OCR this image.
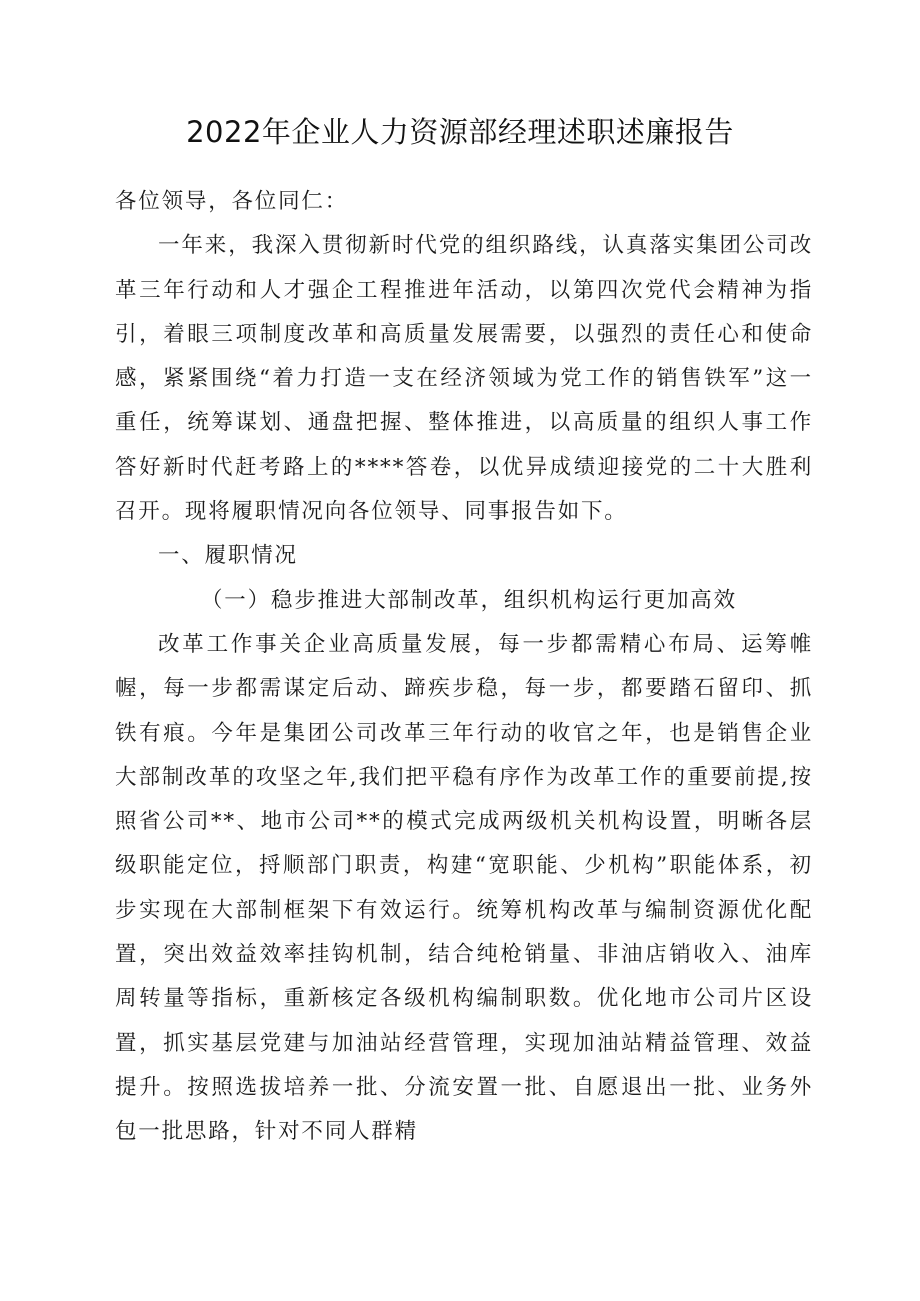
2022年企业人力资源部经理述职述廉报告

各位领导，各位同仁：

一年来，我深入贯彻新时代党的组织路线，认真落实集团公司改革三年行动和人才强企工程推进年活动，以第四次党代会精神为指引，着眼三项制度改革和高质量发展需要，以强烈的责任心和使命感，紧紧围绕“着力打造一支在经济领域为党工作的销售铁军”这一重任，统筹谋划、通盘把握、整体推进，以高质量的组织人事工作答好新时代赶考路上的****答卷，以优异成绩迎接党的二十大胜利召开。现将履职情况向各位领导、同事报告如下。

一、履职情况

（一）稳步推进大部制改革，组织机构运行更加高效

改革工作事关企业高质量发展，每一步都需精心布局、运筹帷幄，每一步都需谋定后动、蹄疾步稳，每一步，都要踏石留印、抓铁有痕。今年是集团公司改革三年行动的收官之年，也是销售企业大部制改革的攻坚之年,我们把平稳有序作为改革工作的重要前提,按照省公司**、地市公司**的模式完成两级机关机构设置，明晰各层级职能定位，捋顺部门职责，构建“宽职能、少机构”职能体系，初步实现在大部制框架下有效运行。统筹机构改革与编制资源优化配置，突出效益效率挂钩机制，结合纯枪销量、非油店销收入、油库周转量等指标，重新核定各级机构编制职数。优化地市公司片区设置，抓实基层党建与加油站经营管理，实现加油站精益管理、效益提升。按照选拔培养一批、分流安置一批、自愿退出一批、业务外包一批思路，针对不同人群精
